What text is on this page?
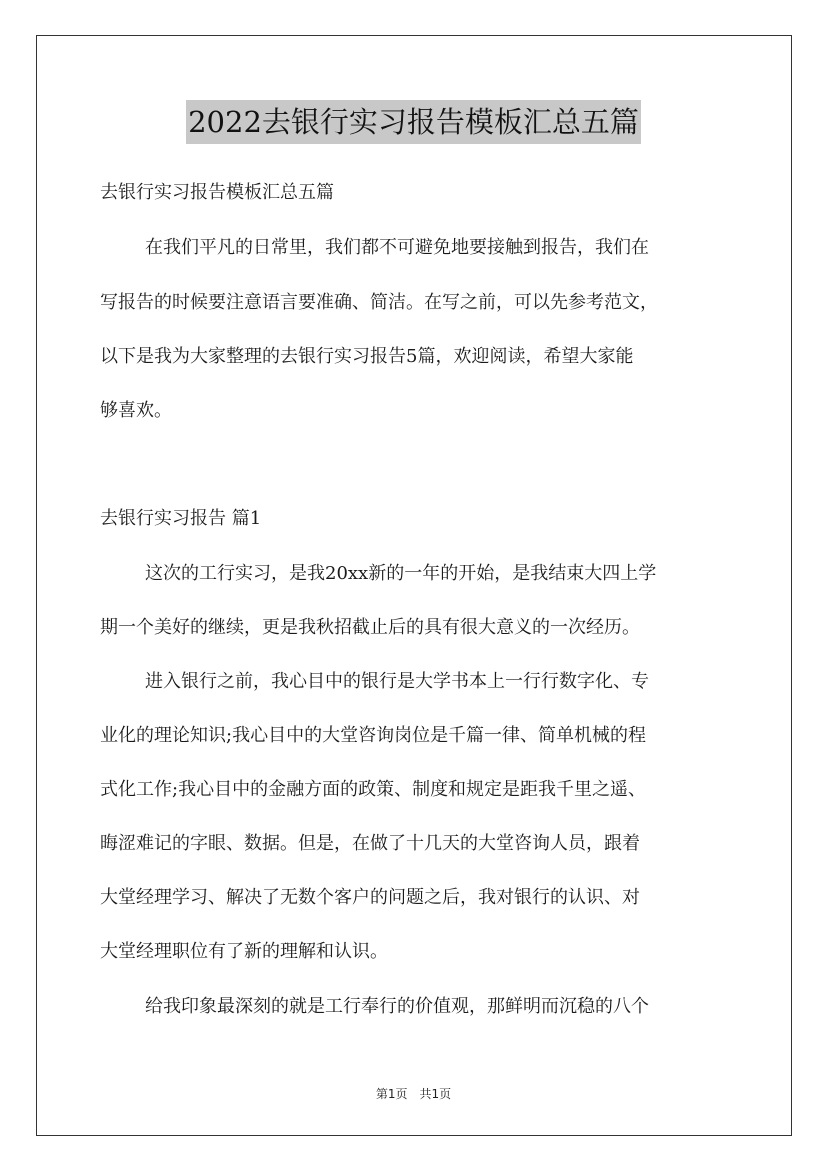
2022去银行实习报告模板汇总五篇

去银行实习报告模板汇总五篇

在我们平凡的日常里，我们都不可避免地要接触到报告，我们在

写报告的时候要注意语言要准确、简洁。在写之前，可以先参考范文，

以下是我为大家整理的去银行实习报告5篇，欢迎阅读，希望大家能

够喜欢。

去银行实习报告 篇1

这次的工行实习，是我20xx新的一年的开始，是我结束大四上学

期一个美好的继续，更是我秋招截止后的具有很大意义的一次经历。

进入银行之前，我心目中的银行是大学书本上一行行数字化、专

业化的理论知识;我心目中的大堂咨询岗位是千篇一律、简单机械的程

式化工作;我心目中的金融方面的政策、制度和规定是距我千里之遥、

晦涩难记的字眼、数据。但是，在做了十几天的大堂咨询人员，跟着

大堂经理学习、解决了无数个客户的问题之后，我对银行的认识、对

大堂经理职位有了新的理解和认识。

给我印象最深刻的就是工行奉行的价值观，那鲜明而沉稳的八个

第1页　共1页
